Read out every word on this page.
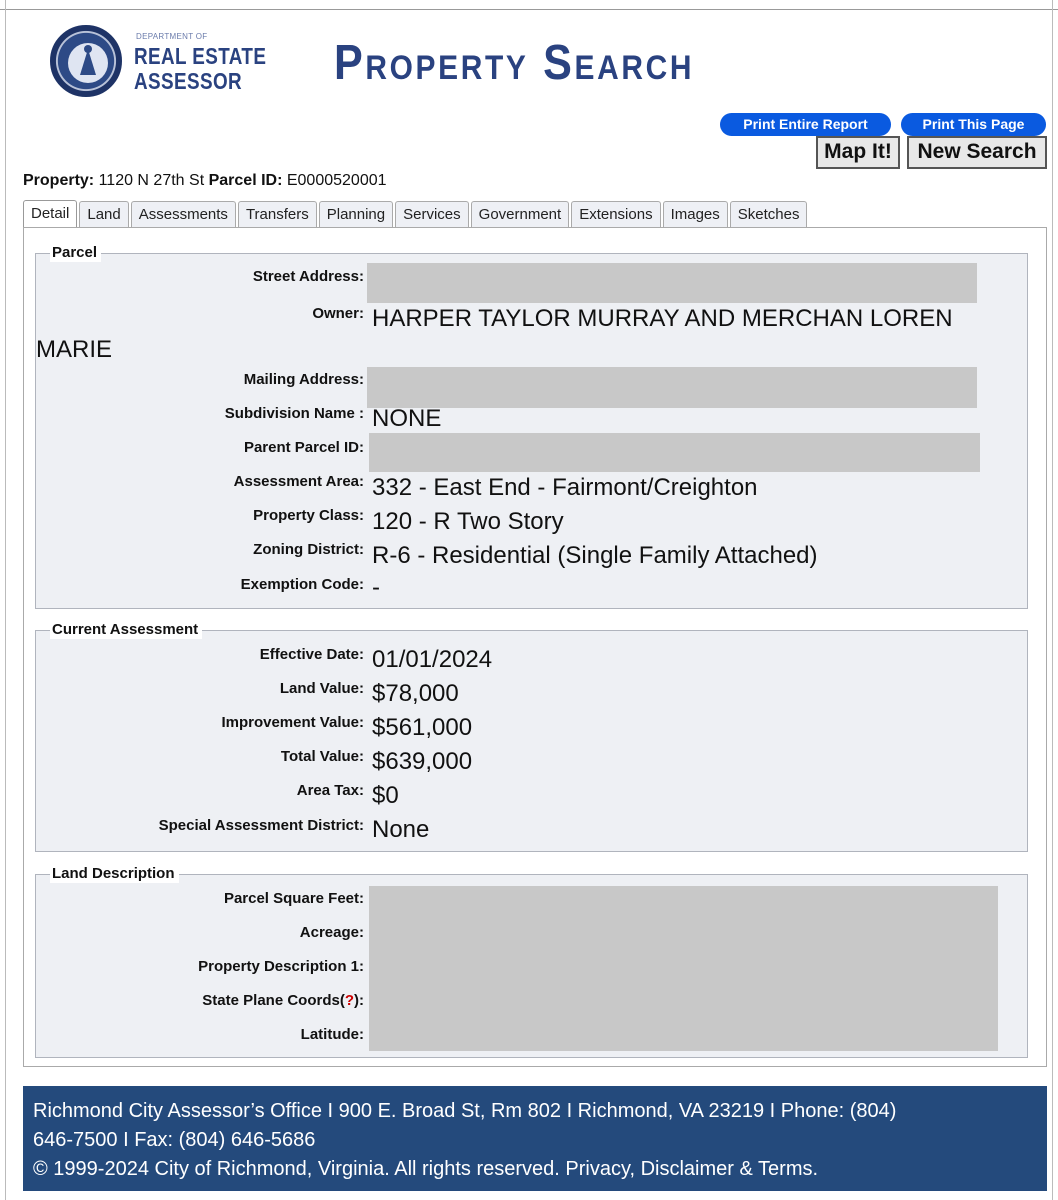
DEPARTMENT OF
REAL ESTATE
ASSESSOR Property Search
Print Entire Report	Print This Page
Map It!	New Search
Property: 1120 N 27th St Parcel ID: E0000520001
Detail	Land	Assessments	Transfers	Planning	Services	Government	Extensions	Images	Sketches
Parcel
Street Address:
Owner: HARPER TAYLOR MURRAY AND MERCHAN LOREN
MARIE
Mailing Address:
Subdivision Name : NONE
Parent Parcel ID:
Assessment Area: 332 - East End - Fairmont/Creighton
Property Class: 120 - R Two Story
Zoning District: R-6 - Residential (Single Family Attached)
Exemption Code: -
Current Assessment
Effective Date: 01/01/2024
Land Value: $78,000
Improvement Value: $561,000
Total Value: $639,000
Area Tax: $0
Special Assessment District: None
Land Description
Parcel Square Feet:
Acreage:
Property Description 1:
State Plane Coords(?):
Latitude:
Richmond City Assessor’s Office I 900 E. Broad St, Rm 802 I Richmond, VA 23219 I Phone: (804)
646-7500 I Fax: (804) 646-5686
© 1999-2024 City of Richmond, Virginia. All rights reserved. Privacy, Disclaimer & Terms.
